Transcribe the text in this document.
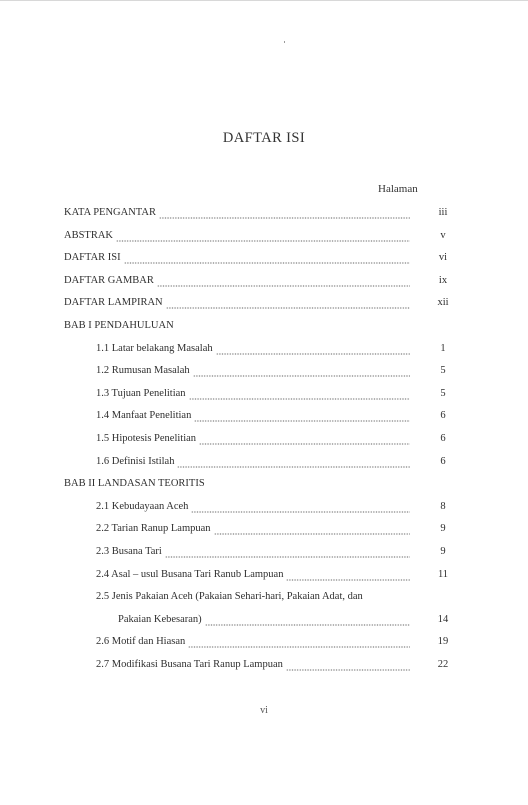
DAFTAR ISI
Halaman
KATA PENGANTAR	iii
ABSTRAK	v
DAFTAR ISI	vi
DAFTAR GAMBAR	ix
DAFTAR LAMPIRAN	xii
BAB I PENDAHULUAN
1.1 Latar belakang Masalah	1
1.2 Rumusan Masalah	5
1.3 Tujuan Penelitian	5
1.4 Manfaat Penelitian	6
1.5 Hipotesis Penelitian	6
1.6 Definisi Istilah	6
BAB II LANDASAN TEORITIS
2.1 Kebudayaan Aceh	8
2.2 Tarian Ranup Lampuan	9
2.3 Busana Tari	9
2.4 Asal – usul Busana Tari Ranub Lampuan	11
2.5 Jenis Pakaian Aceh (Pakaian Sehari-hari, Pakaian Adat, dan
Pakaian Kebesaran)	14
2.6 Motif dan Hiasan	19
2.7 Modifikasi Busana Tari Ranup Lampuan	22
vi
